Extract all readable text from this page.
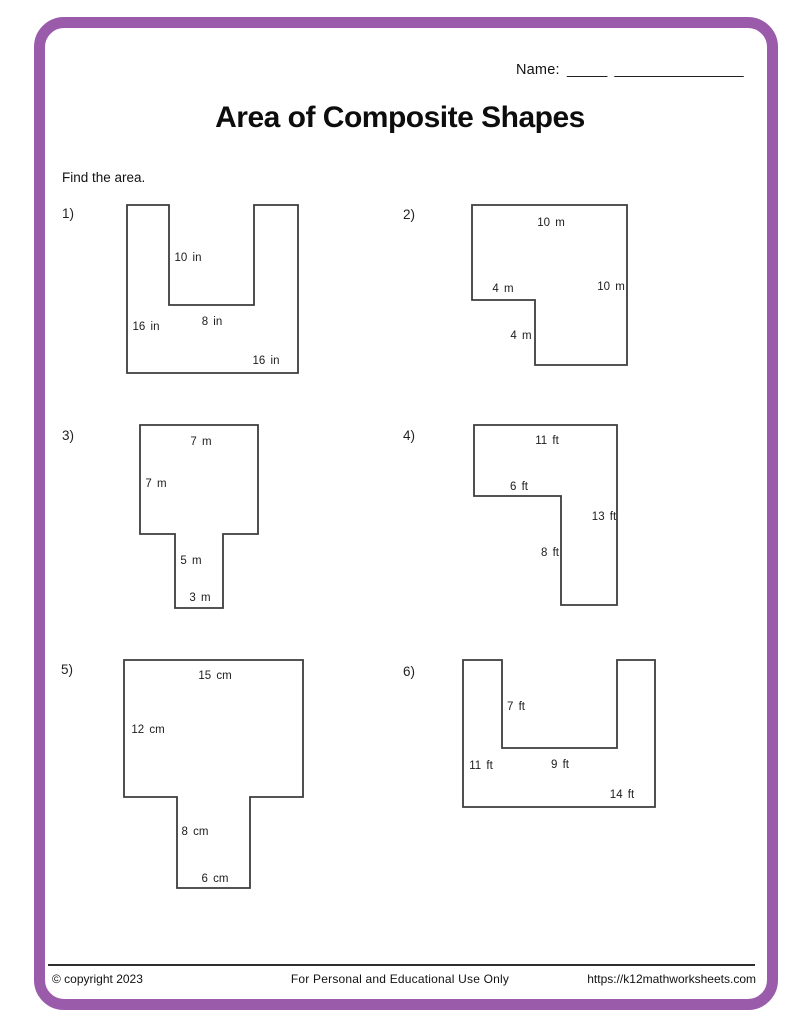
Name: _____ ________________
Area of Composite Shapes
Find the area.
1)
10 in
16 in	8 in
16 in
2)
10 m
4 m	10 m
4 m
3)	7 m
7 m
5 m
3 m
4)	11 ft
6 ft
13 ft
8 ft
5)	15 cm
12 cm
8 cm
6 cm
6)
7 ft
11 ft	9 ft
14 ft
© copyright 2023	For Personal and Educational Use Only	https://k12mathworksheets.com
